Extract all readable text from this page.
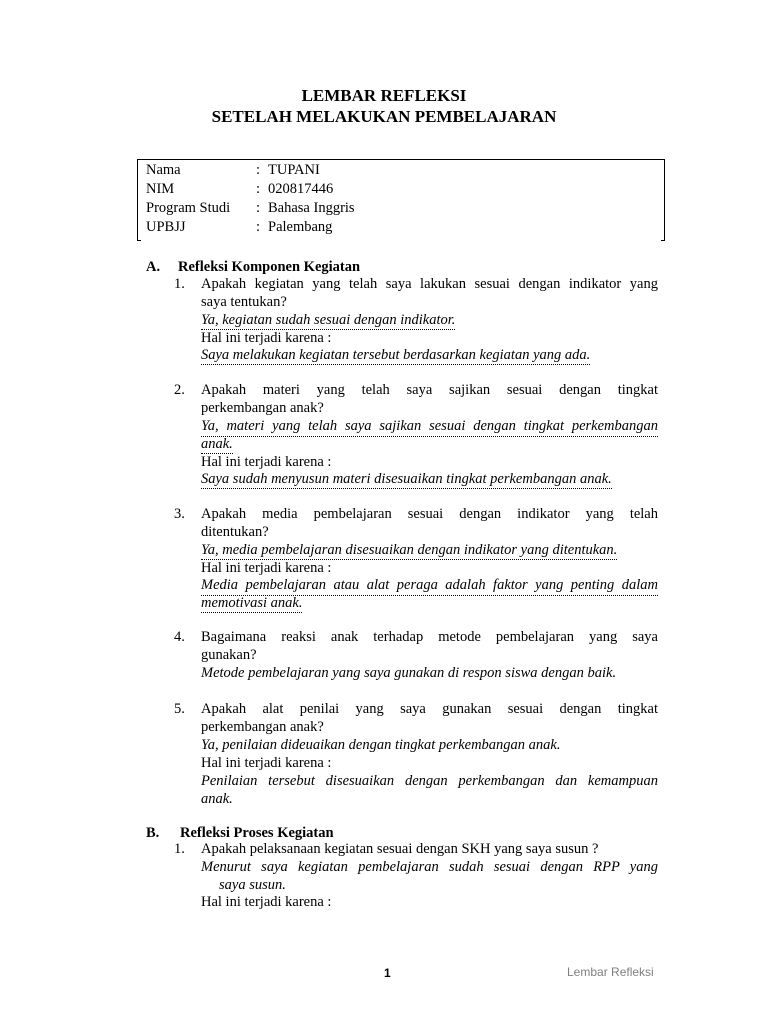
LEMBAR REFLEKSI
SETELAH MELAKUKAN PEMBELAJARAN
Nama	: TUPANI
NIM	: 020817446
Program Studi : Bahasa Inggris
UPBJJ	: Palembang
A. Refleksi Komponen Kegiatan
1. Apakah kegiatan yang telah saya lakukan sesuai dengan indikator yang
saya tentukan?
Ya, kegiatan sudah sesuai dengan indikator.
Hal ini terjadi karena :
Saya melakukan kegiatan tersebut berdasarkan kegiatan yang ada.
2. Apakah materi yang telah saya sajikan sesuai dengan tingkat
perkembangan anak?
Ya, materi yang telah saya sajikan sesuai dengan tingkat perkembangan
anak.
Hal ini terjadi karena :
Saya sudah menyusun materi disesuaikan tingkat perkembangan anak.
3. Apakah media pembelajaran sesuai dengan indikator yang telah
ditentukan?
Ya, media pembelajaran disesuaikan dengan indikator yang ditentukan.
Hal ini terjadi karena :
Media pembelajaran atau alat peraga adalah faktor yang penting dalam
memotivasi anak.
4. Bagaimana reaksi anak terhadap metode pembelajaran yang saya
gunakan?
Metode pembelajaran yang saya gunakan di respon siswa dengan baik.
5. Apakah alat penilai yang saya gunakan sesuai dengan tingkat
perkembangan anak?
Ya, penilaian dideuaikan dengan tingkat perkembangan anak.
Hal ini terjadi karena :
Penilaian tersebut disesuaikan dengan perkembangan dan kemampuan
anak.
B. Refleksi Proses Kegiatan
1. Apakah pelaksanaan kegiatan sesuai dengan SKH yang saya susun ?
Menurut saya kegiatan pembelajaran sudah sesuai dengan RPP yang
saya susun.
Hal ini terjadi karena :
1	Lembar Refleksi
